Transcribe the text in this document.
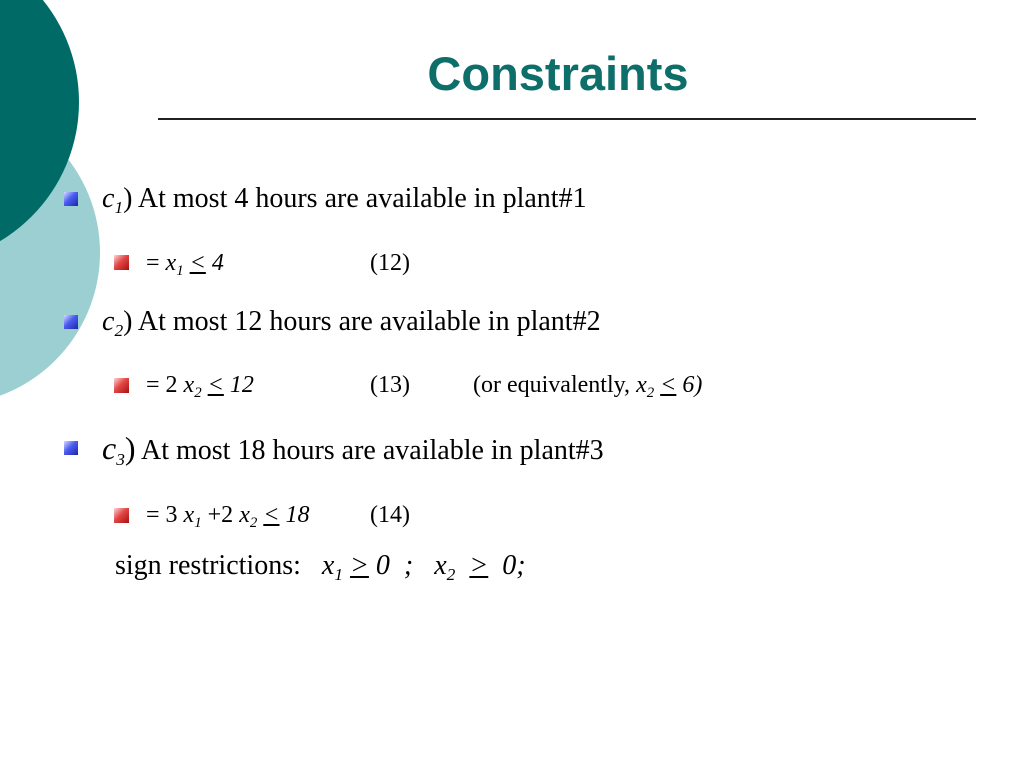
Constraints
$c_1$) At most 4 hours are available in plant#1
= $x_1 < 4$	(12)
$c_2$) At most 12 hours are available in plant#2
= 2 $x_2 < 12$	(13)	(or equivalently, $x_2 < 6$)
$c_3$) At most 18 hours are available in plant#3
= 3 $x_1 +2$ $x_2 < 18$	(14)
sign restrictions: $x_1 > 0$ ; $x_2 > 0$;
